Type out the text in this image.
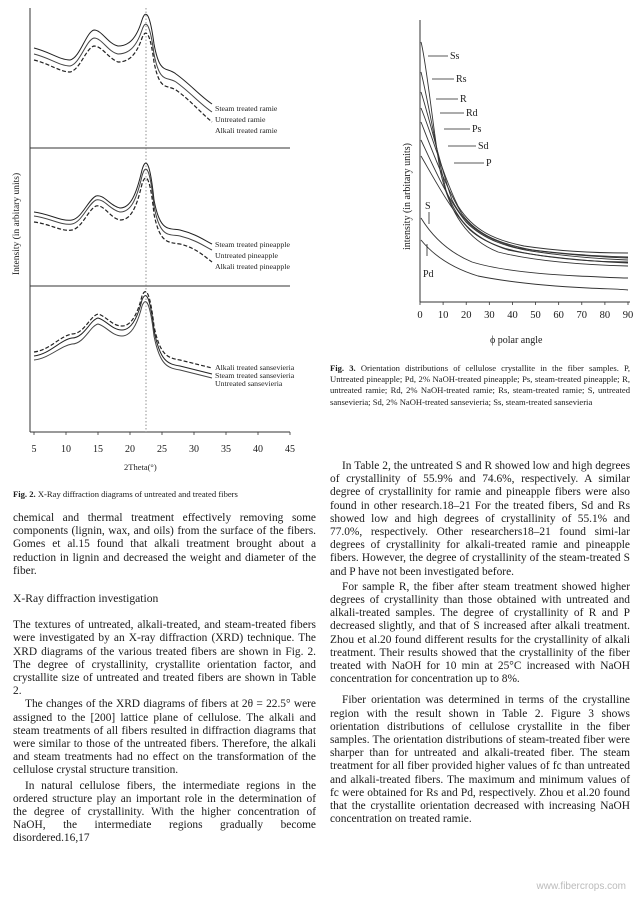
Steam treated ramie
Untreated ramie
Alkali treated ramie
Steam treated pineapple
Untreated pineapple
Alkali treated pineapple
Alkali treated sansevieria
Steam treated sansevieria
Untreated sansevieria
Intensity (in arbitary units)
5 10 15 20 25 30 35 40 45
2Theta(°)
Fig. 2. X-Ray diffraction diagrams of untreated and treated fibers
Ss
Rs
R
Rd
Ps
Sd
P
S
Pd
intensity (in arbitary units)
0 10 20 30 40 50 60 70 80 90
ϕ polar angle
Fig. 3. Orientation distributions of cellulose crystallite in the fiber samples. P, Untreated pineapple; Pd, 2% NaOH-treated pineapple; Ps, steam-treated pineapple; R, untreated ramie; Rd, 2% NaOH-treated ramie; Rs, steam-treated ramie; S, untreated sansevieria; Sd, 2% NaOH-treated sansevieria; Ss, steam-treated sansevieria

chemical and thermal treatment effectively removing some components (lignin, wax, and oils) from the surface of the fibers. Gomes et al.15 found that alkali treatment brought about a reduction in lignin and decreased the weight and diameter of the fiber.

X-Ray diffraction investigation

The textures of untreated, alkali-treated, and steam-treated fibers were investigated by an X-ray diffraction (XRD) technique. The XRD diagrams of the various treated fibers are shown in Fig. 2. The degree of crystallinity, crystallite orientation factor, and crystallite size of untreated and treated fibers are shown in Table 2.

The changes of the XRD diagrams of fibers at 2θ = 22.5° were assigned to the [200] lattice plane of cellulose. The alkali and steam treatments of all fibers resulted in diffraction diagrams that were similar to those of the untreated fibers. Therefore, the alkali and steam treatments had no effect on the transformation of the cellulose crystal structure transition.

In natural cellulose fibers, the intermediate regions in the ordered structure play an important role in the determination of the degree of crystallinity. With the higher concentration of NaOH, the intermediate regions gradually become disordered.16,17

In Table 2, the untreated S and R showed low and high degrees of crystallinity of 55.9% and 74.6%, respectively. A similar degree of crystallinity for ramie and pineapple fibers were also found in other research.18–21 For the treated fibers, Sd and Rs showed low and high degrees of crystallinity of 55.1% and 77.0%, respectively. Other researchers18–21 found simi-lar degrees of crystallinity for alkali-treated ramie and pineapple fibers. However, the degree of crystallinity of the steam-treated S and P have not been investigated before.

For sample R, the fiber after steam treatment showed higher degrees of crystallinity than those obtained with untreated and alkali-treated samples. The degree of crystallinity of R and P decreased slightly, and that of S increased after alkali treatment. Zhou et al.20 found different results for the crystallinity of alkali treatment. Their results showed that the crystallinity of the fiber treated with NaOH for 10 min at 25°C increased with NaOH concentration for concentration up to 8%.

Fiber orientation was determined in terms of the crystalline region with the result shown in Table 2. Figure 3 shows orientation distributions of cellulose crystallite in the fiber samples. The orientation distributions of steam-treated fiber were sharper than for untreated and alkali-treated fiber. The steam treatment for all fiber provided higher values of fc than untreated and alkali-treated fibers. The maximum and minimum values of fc were obtained for Rs and Pd, respectively. Zhou et al.20 found that the crystallite orientation decreased with increasing NaOH concentration on treated ramie.

www.fibercrops.com
